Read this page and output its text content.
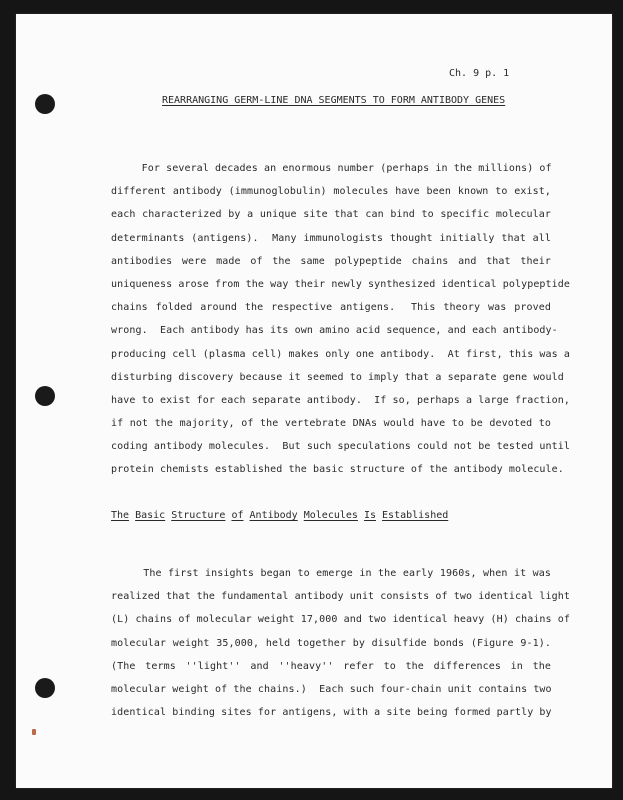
Ch. 9 p. 1
REARRANGING GERM-LINE DNA SEGMENTS TO FORM ANTIBODY GENES
For several decades an enormous number (perhaps in the millions) of
different antibody (immunoglobulin) molecules have been known to exist,
each characterized by a unique site that can bind to specific molecular
determinants (antigens).  Many immunologists thought initially that all
antibodies were made of the same polypeptide chains and that their
uniqueness arose from the way their newly synthesized identical polypeptide
chains folded around the respective antigens.  This theory was proved
wrong.  Each antibody has its own amino acid sequence, and each antibody-
producing cell (plasma cell) makes only one antibody.  At first, this was a
disturbing discovery because it seemed to imply that a separate gene would
have to exist for each separate antibody.  If so, perhaps a large fraction,
if not the majority, of the vertebrate DNAs would have to be devoted to
coding antibody molecules.  But such speculations could not be tested until
protein chemists established the basic structure of the antibody molecule.
The Basic Structure of Antibody Molecules Is Established
The first insights began to emerge in the early 1960s, when it was
realized that the fundamental antibody unit consists of two identical light
(L) chains of molecular weight 17,000 and two identical heavy (H) chains of
molecular weight 35,000, held together by disulfide bonds (Figure 9-1).
(The terms ''light'' and ''heavy'' refer to the differences in the
molecular weight of the chains.)  Each such four-chain unit contains two
identical binding sites for antigens, with a site being formed partly by
